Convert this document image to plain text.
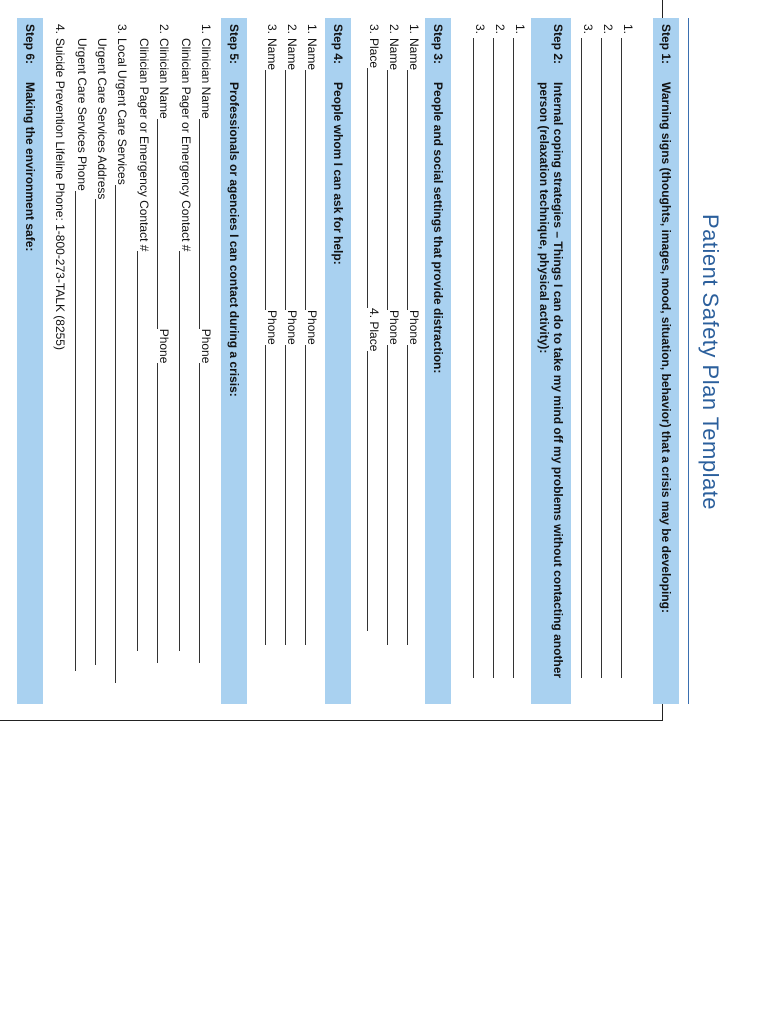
Patient Safety Plan Template
Step 1:Warning signs (thoughts, images, mood, situation, behavior) that a crisis may be developing:
1.
2.
3.
Step 2:Internal coping strategies – Things I can do to take my mind off my problems without contacting another person (relaxation technique, physical activity):
1.
2.
3.
Step 3:People and social settings that provide distraction:
1.NamePhone
2.NamePhone
3.Place4. Place
Step 4:People whom I can ask for help:
1.NamePhone
2.NamePhone
3.NamePhone
Step 5:Professionals or agencies I can contact during a crisis:
1.Clinician NamePhone
Clinician Pager or Emergency Contact #
2.Clinician NamePhone
Clinician Pager or Emergency Contact #
3.Local Urgent Care Services
Urgent Care Services Address
Urgent Care Services Phone
4.Suicide Prevention Lifeline Phone: 1-800-273-TALK (8255)
Step 6:Making the environment safe:
